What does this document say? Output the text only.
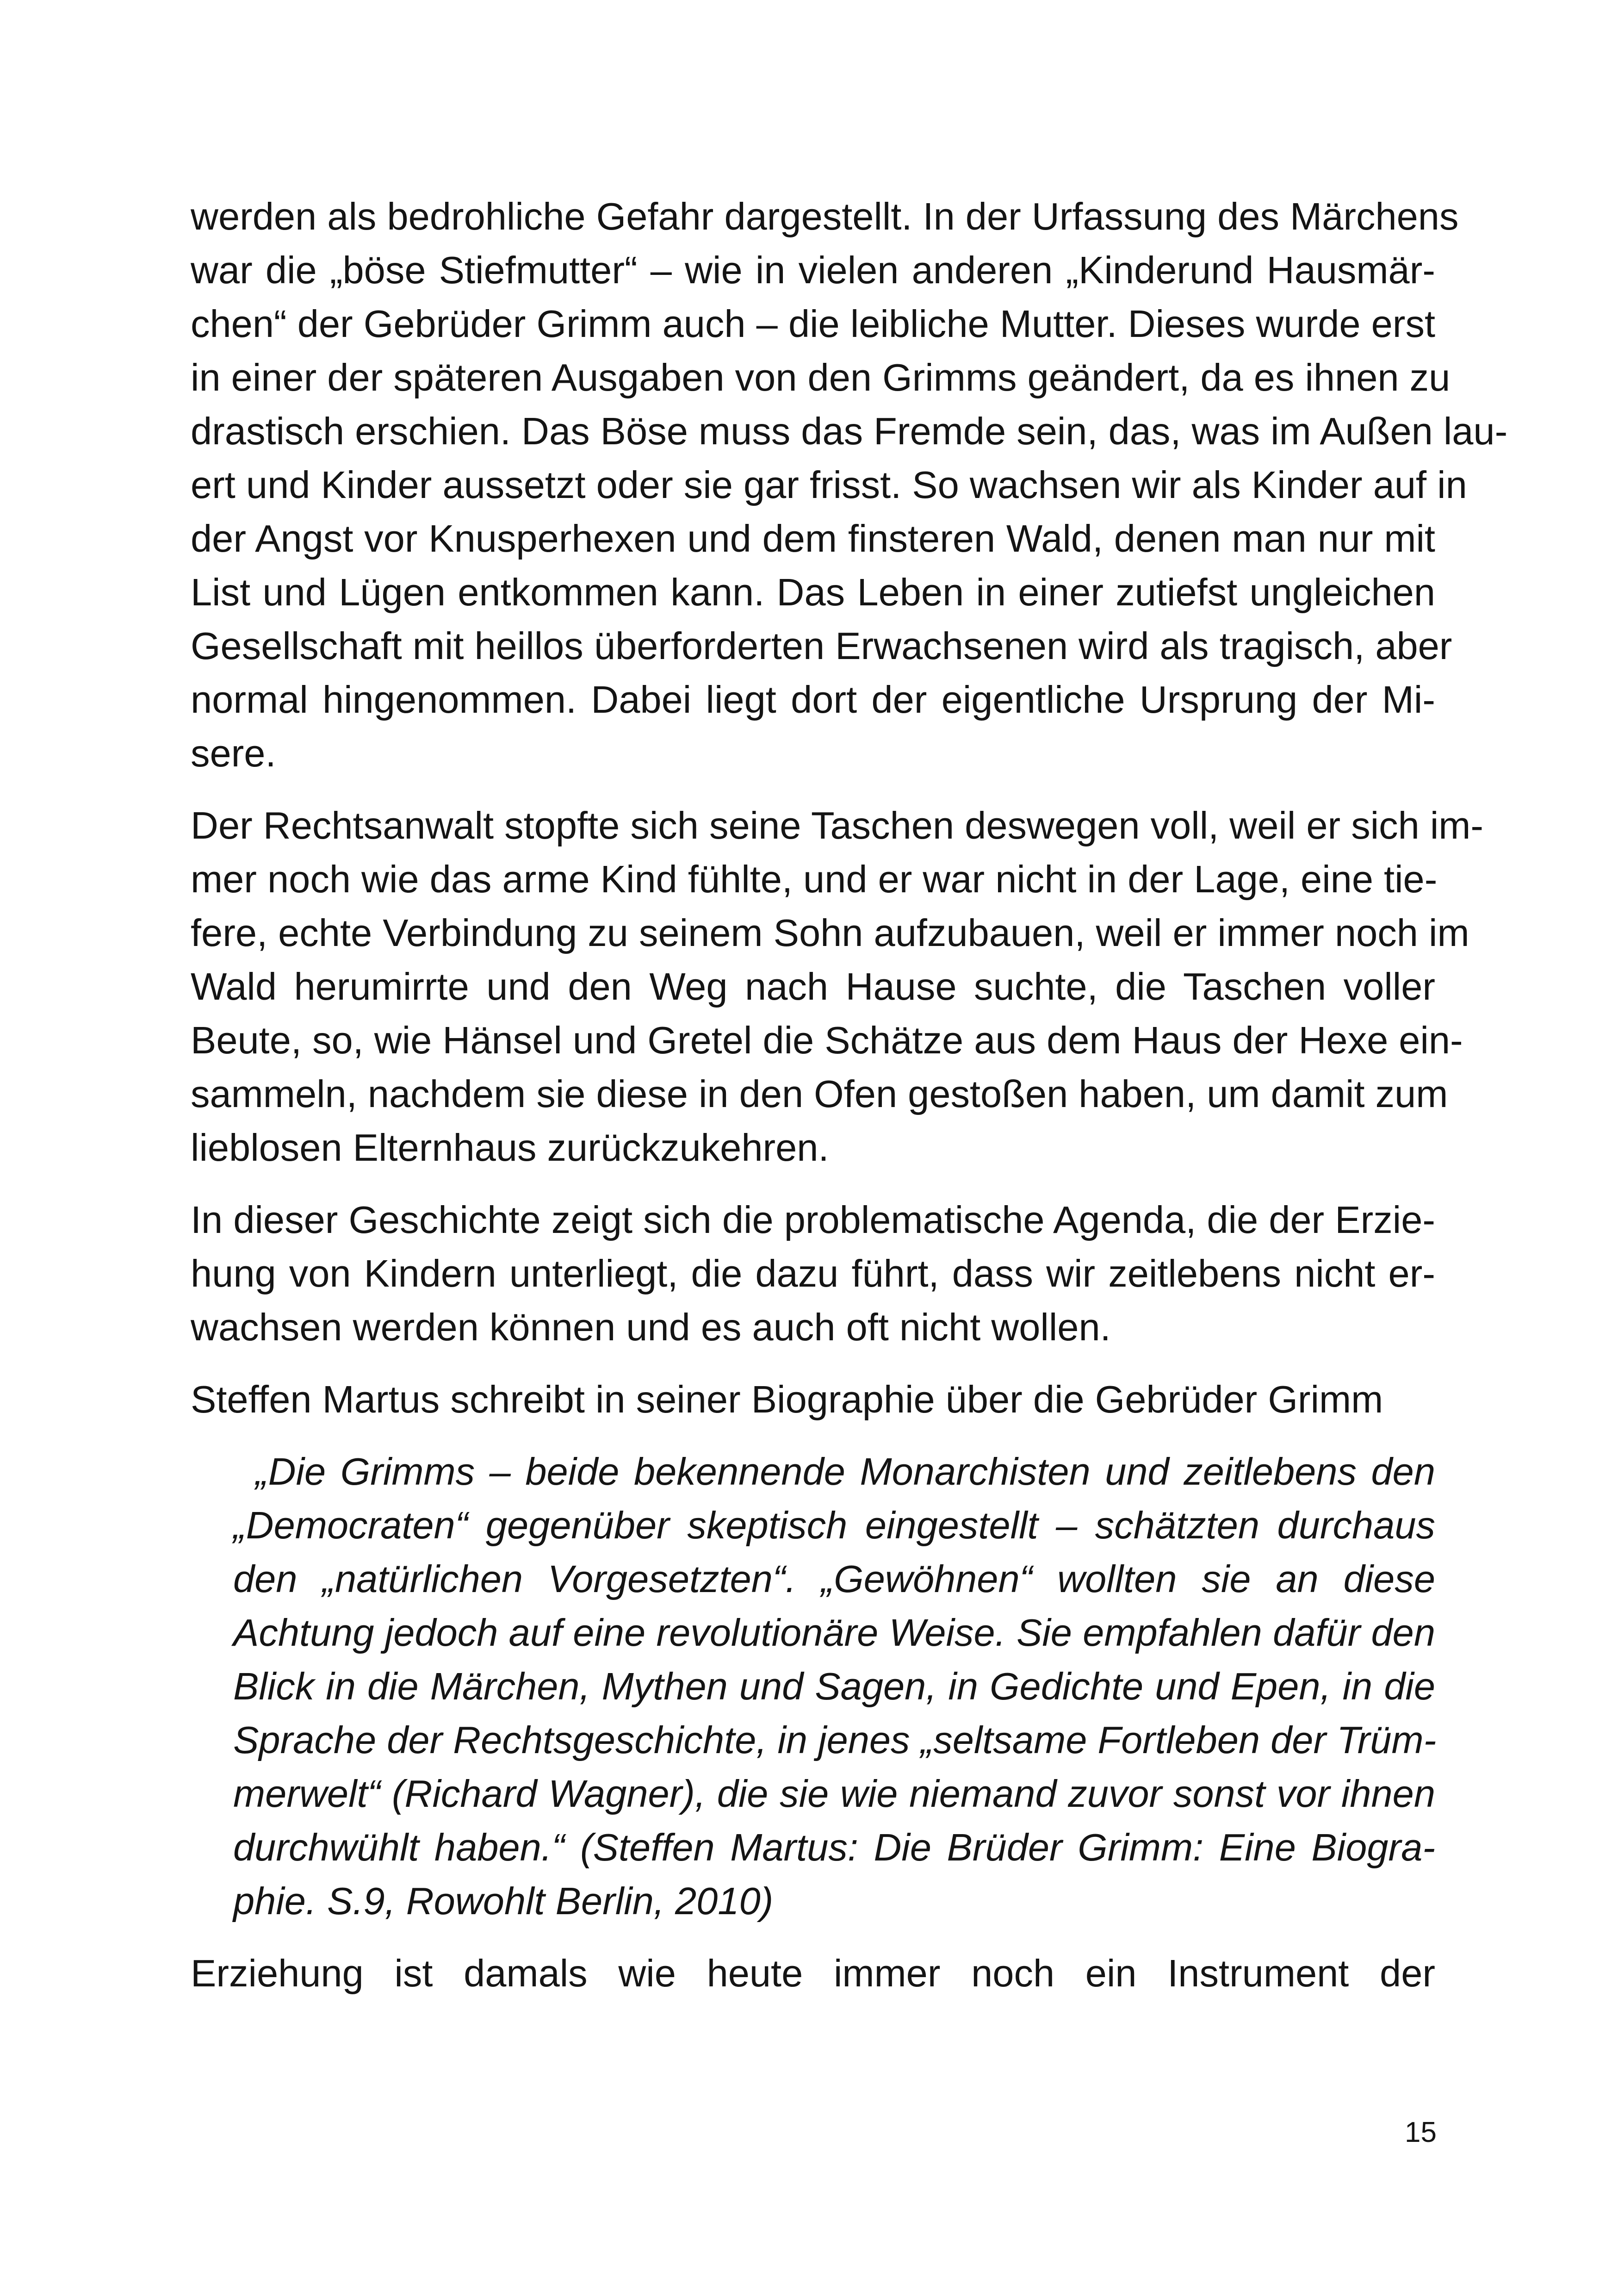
werden als bedrohliche Gefahr dargestellt. In der Urfassung des Märchens
war die „böse Stiefmutter“ – wie in vielen anderen „Kinderund Hausmär-
chen“ der Gebrüder Grimm auch – die leibliche Mutter. Dieses wurde erst
in einer der späteren Ausgaben von den Grimms geändert, da es ihnen zu
drastisch erschien. Das Böse muss das Fremde sein, das, was im Außen lau-
ert und Kinder aussetzt oder sie gar frisst. So wachsen wir als Kinder auf in
der Angst vor Knusperhexen und dem finsteren Wald, denen man nur mit
List und Lügen entkommen kann. Das Leben in einer zutiefst ungleichen
Gesellschaft mit heillos überforderten Erwachsenen wird als tragisch, aber
normal hingenommen. Dabei liegt dort der eigentliche Ursprung der Mi-
sere.
Der Rechtsanwalt stopfte sich seine Taschen deswegen voll, weil er sich im-
mer noch wie das arme Kind fühlte, und er war nicht in der Lage, eine tie-
fere, echte Verbindung zu seinem Sohn aufzubauen, weil er immer noch im
Wald herumirrte und den Weg nach Hause suchte, die Taschen voller
Beute, so, wie Hänsel und Gretel die Schätze aus dem Haus der Hexe ein-
sammeln, nachdem sie diese in den Ofen gestoßen haben, um damit zum
lieblosen Elternhaus zurückzukehren.
In dieser Geschichte zeigt sich die problematische Agenda, die der Erzie-
hung von Kindern unterliegt, die dazu führt, dass wir zeitlebens nicht er-
wachsen werden können und es auch oft nicht wollen.
Steffen Martus schreibt in seiner Biographie über die Gebrüder Grimm
„Die Grimms – beide bekennende Monarchisten und zeitlebens den
„Democraten“ gegenüber skeptisch eingestellt – schätzten durchaus
den „natürlichen Vorgesetzten“. „Gewöhnen“ wollten sie an diese
Achtung jedoch auf eine revolutionäre Weise. Sie empfahlen dafür den
Blick in die Märchen, Mythen und Sagen, in Gedichte und Epen, in die
Sprache der Rechtsgeschichte, in jenes „seltsame Fortleben der Trüm-
merwelt“ (Richard Wagner), die sie wie niemand zuvor sonst vor ihnen
durchwühlt haben.“ (Steffen Martus: Die Brüder Grimm: Eine Biogra-
phie. S.9, Rowohlt Berlin, 2010)
Erziehung ist damals wie heute immer noch ein Instrument der
15
